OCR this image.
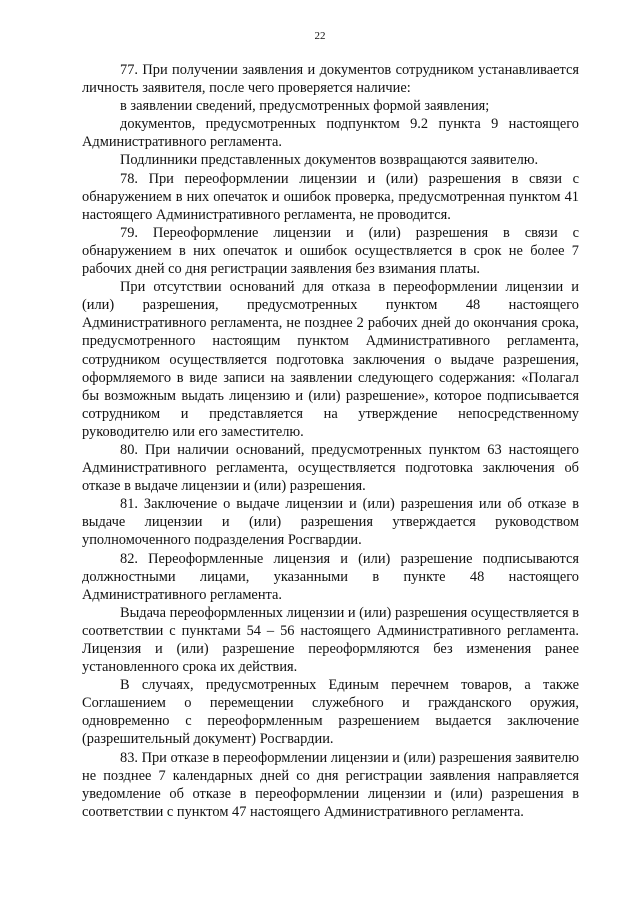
22

77. При получении заявления и документов сотрудником устанавливается личность заявителя, после чего проверяется наличие:

в заявлении сведений, предусмотренных формой заявления;

документов, предусмотренных подпунктом 9.2 пункта 9 настоящего Административного регламента.

Подлинники представленных документов возвращаются заявителю.

78. При переоформлении лицензии и (или) разрешения в связи с обнаружением в них опечаток и ошибок проверка, предусмотренная пунктом 41 настоящего Административного регламента, не проводится.

79. Переоформление лицензии и (или) разрешения в связи с обнаружением в них опечаток и ошибок осуществляется в срок не более 7 рабочих дней со дня регистрации заявления без взимания платы.

При отсутствии оснований для отказа в переоформлении лицензии и (или) разрешения, предусмотренных пунктом 48 настоящего Административного регламента, не позднее 2 рабочих дней до окончания срока, предусмотренного настоящим пунктом Административного регламента, сотрудником осуществляется подготовка заключения о выдаче разрешения, оформляемого в виде записи на заявлении следующего содержания: «Полагал бы возможным выдать лицензию и (или) разрешение», которое подписывается сотрудником и представляется на утверждение непосредственному руководителю или его заместителю.

80. При наличии оснований, предусмотренных пунктом 63 настоящего Административного регламента, осуществляется подготовка заключения об отказе в выдаче лицензии и (или) разрешения.

81. Заключение о выдаче лицензии и (или) разрешения или об отказе в выдаче лицензии и (или) разрешения утверждается руководством уполномоченного подразделения Росгвардии.

82. Переоформленные лицензия и (или) разрешение подписываются должностными лицами, указанными в пункте 48 настоящего Административного регламента.

Выдача переоформленных лицензии и (или) разрешения осуществляется в соответствии с пунктами 54 – 56 настоящего Административного регламента. Лицензия и (или) разрешение переоформляются без изменения ранее установленного срока их действия.

В случаях, предусмотренных Единым перечнем товаров, а также Соглашением о перемещении служебного и гражданского оружия, одновременно с переоформленным разрешением выдается заключение (разрешительный документ) Росгвардии.

83. При отказе в переоформлении лицензии и (или) разрешения заявителю не позднее 7 календарных дней со дня регистрации заявления направляется уведомление об отказе в переоформлении лицензии и (или) разрешения в соответствии с пунктом 47 настоящего Административного регламента.
